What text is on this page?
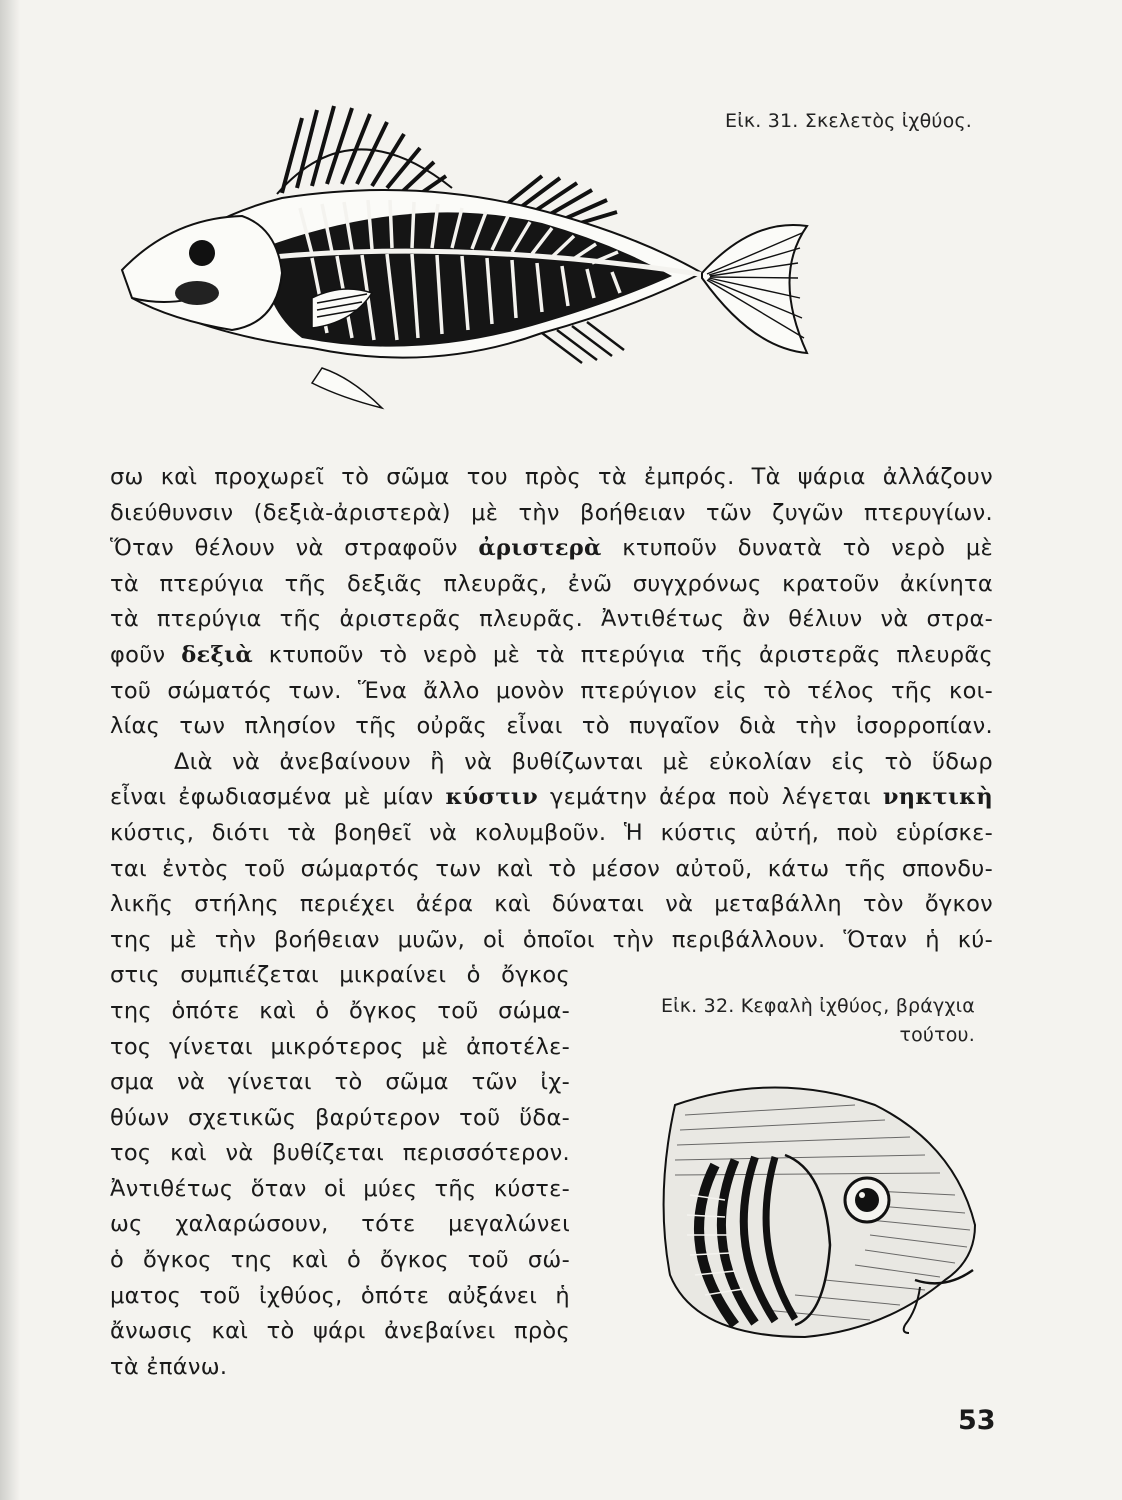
Εἰκ. 31. Σκελετὸς ἰχθύος.
σω καὶ προχωρεῖ τὸ σῶμα του πρὸς τὰ ἐμπρός. Τὰ ψάρια ἀλλάζουν
διεύθυνσιν (δεξιὰ-ἀριστερὰ) μὲ τὴν βοήθειαν τῶν ζυγῶν πτερυγίων.
Ὅταν θέλουν νὰ στραφοῦν ἀριστερὰ κτυποῦν δυνατὰ τὸ νερὸ μὲ
τὰ πτερύγια τῆς δεξιᾶς πλευρᾶς, ἐνῶ συγχρόνως κρατοῦν ἀκίνητα
τὰ πτερύγια τῆς ἀριστερᾶς πλευρᾶς. Ἀντιθέτως ἂν θέλιυν νὰ στρα-
φοῦν δεξιὰ κτυποῦν τὸ νερὸ μὲ τὰ πτερύγια τῆς ἀριστερᾶς πλευρᾶς
τοῦ σώματός των. Ἕνα ἄλλο μονὸν πτερύγιον εἰς τὸ τέλος τῆς κοι-
λίας των πλησίον τῆς οὐρᾶς εἶναι τὸ πυγαῖον διὰ τὴν ἰσορροπίαν.
Διὰ νὰ ἀνεβαίνουν ἢ νὰ βυθίζωνται μὲ εὐκολίαν εἰς τὸ ὕδωρ
εἶναι ἐφωδιασμένα μὲ μίαν κύστιν γεμάτην ἀέρα ποὺ λέγεται νηκτικὴ
κύστις, διότι τὰ βοηθεῖ νὰ κολυμβοῦν. Ἡ κύστις αὐτή, ποὺ εὑρίσκε-
ται ἐντὸς τοῦ σώμαρτός των καὶ τὸ μέσον αὐτοῦ, κάτω τῆς σπονδυ-
λικῆς στήλης περιέχει ἀέρα καὶ δύναται νὰ μεταβάλλη τὸν ὄγκον
της μὲ τὴν βοήθειαν μυῶν, οἱ ὁποῖοι τὴν περιβάλλουν. Ὅταν ἡ κύ-
στις συμπιέζεται μικραίνει ὁ ὄγκος
της ὁπότε καὶ ὁ ὄγκος τοῦ σώμα-
τος γίνεται μικρότερος μὲ ἀποτέλε-
σμα νὰ γίνεται τὸ σῶμα τῶν ἰχ-
θύων σχετικῶς βαρύτερον τοῦ ὕδα-
τος καὶ νὰ βυθίζεται περισσότερον.
Ἀντιθέτως ὅταν οἱ μύες τῆς κύστε-
ως χαλαρώσουν, τότε μεγαλώνει
ὁ ὄγκος της καὶ ὁ ὄγκος τοῦ σώ-
ματος τοῦ ἰχθύος, ὁπότε αὐξάνει ἡ
ἄνωσις καὶ τὸ ψάρι ἀνεβαίνει πρὸς
τὰ ἐπάνω.
Εἰκ. 32. Κεφαλὴ ἰχθύος, βράγχια
τούτου.
53
